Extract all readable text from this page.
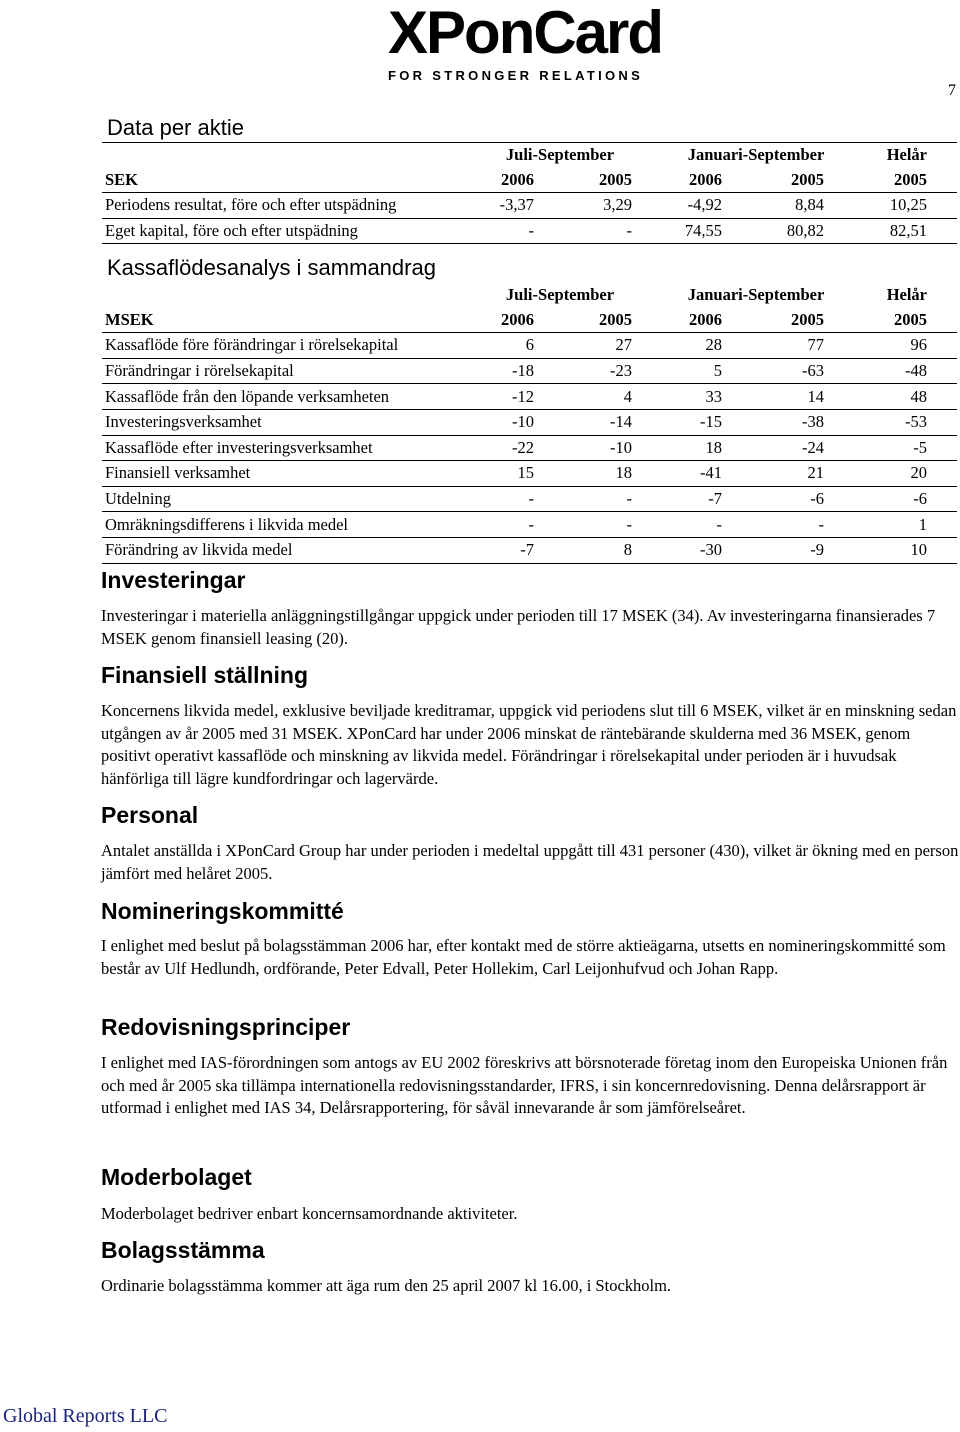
XPonCard
FOR STRONGER RELATIONS
7
Data per aktie
	Juli-September		Januari-September		Helår
SEK	2006	2005	2006	2005	2005
Periodens resultat, före och efter utspädning	-3,37	3,29	-4,92	8,84	10,25
Eget kapital, före och efter utspädning	-	-	74,55	80,82	82,51
Kassaflödesanalys i sammandrag
	Juli-September		Januari-September		Helår
MSEK	2006	2005	2006	2005	2005
Kassaflöde före förändringar i rörelsekapital	6	27	28	77	96
Förändringar i rörelsekapital	-18	-23	5	-63	-48
Kassaflöde från den löpande verksamheten	-12	4	33	14	48
Investeringsverksamhet	-10	-14	-15	-38	-53
Kassaflöde efter investeringsverksamhet	-22	-10	18	-24	-5
Finansiell verksamhet	15	18	-41	21	20
Utdelning	-	-	-7	-6	-6
Omräkningsdifferens i likvida medel	-	-	-	-	1
Förändring av likvida medel	-7	8	-30	-9	10
Investeringar
Investeringar i materiella anläggningstillgångar uppgick under perioden till 17 MSEK (34). Av investeringarna finansierades 7 MSEK genom finansiell leasing (20).
Finansiell ställning
Koncernens likvida medel, exklusive beviljade kreditramar, uppgick vid periodens slut till 6 MSEK, vilket är en minskning sedan utgången av år 2005 med 31 MSEK. XPonCard har under 2006 minskat de räntebärande skulderna med 36 MSEK, genom positivt operativt kassaflöde och minskning av likvida medel. Förändringar i rörelsekapital under perioden är i huvudsak hänförliga till lägre kundfordringar och lagervärde.
Personal
Antalet anställda i XPonCard Group har under perioden i medeltal uppgått till 431 personer (430), vilket är ökning med en person jämfört med helåret 2005.
Nomineringskommitté
I enlighet med beslut på bolagsstämman 2006 har, efter kontakt med de större aktieägarna, utsetts en nomineringskommitté som består av Ulf Hedlundh, ordförande, Peter Edvall, Peter Hollekim, Carl Leijonhufvud och Johan Rapp.
Redovisningsprinciper
I enlighet med IAS-förordningen som antogs av EU 2002 föreskrivs att börsnoterade företag inom den Europeiska Unionen från och med år 2005 ska tillämpa internationella redovisningsstandarder, IFRS, i sin koncernredovisning. Denna delårsrapport är utformad i enlighet med IAS 34, Delårsrapportering, för såväl innevarande år som jämförelseåret.
Moderbolaget
Moderbolaget bedriver enbart koncernsamordnande aktiviteter.
Bolagsstämma
Ordinarie bolagsstämma kommer att äga rum den 25 april 2007 kl 16.00, i Stockholm.
Global Reports LLC
